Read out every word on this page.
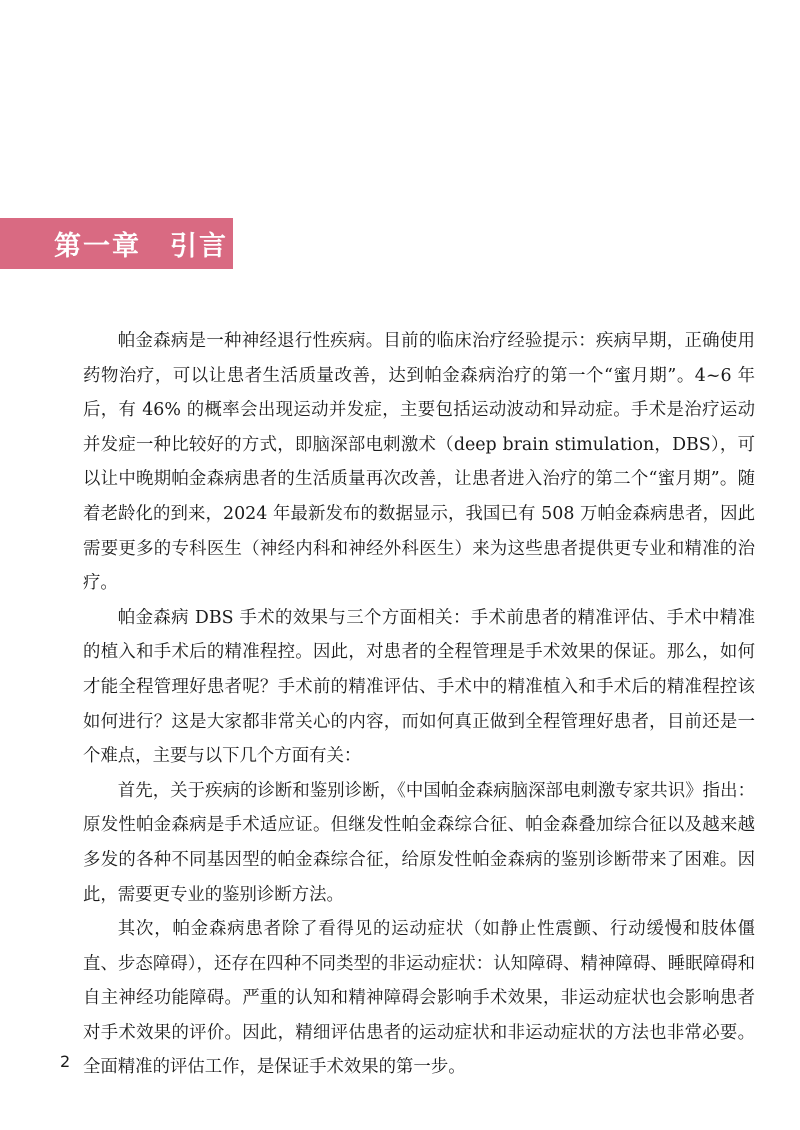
第一章　引言

帕金森病是一种神经退行性疾病。目前的临床治疗经验提示：疾病早期，正确使用药物治疗，可以让患者生活质量改善，达到帕金森病治疗的第一个“蜜月期”。4~6 年后，有 46% 的概率会出现运动并发症，主要包括运动波动和异动症。手术是治疗运动并发症一种比较好的方式，即脑深部电刺激术（deep brain stimulation，DBS），可以让中晚期帕金森病患者的生活质量再次改善，让患者进入治疗的第二个“蜜月期”。随着老龄化的到来，2024 年最新发布的数据显示，我国已有 508 万帕金森病患者，因此需要更多的专科医生（神经内科和神经外科医生）来为这些患者提供更专业和精准的治疗。

帕金森病 DBS 手术的效果与三个方面相关：手术前患者的精准评估、手术中精准的植入和手术后的精准程控。因此，对患者的全程管理是手术效果的保证。那么，如何才能全程管理好患者呢？手术前的精准评估、手术中的精准植入和手术后的精准程控该如何进行？这是大家都非常关心的内容，而如何真正做到全程管理好患者，目前还是一个难点，主要与以下几个方面有关：

首先，关于疾病的诊断和鉴别诊断，《中国帕金森病脑深部电刺激专家共识》指出：原发性帕金森病是手术适应证。但继发性帕金森综合征、帕金森叠加综合征以及越来越多发的各种不同基因型的帕金森综合征，给原发性帕金森病的鉴别诊断带来了困难。因此，需要更专业的鉴别诊断方法。

其次，帕金森病患者除了看得见的运动症状（如静止性震颤、行动缓慢和肢体僵直、步态障碍），还存在四种不同类型的非运动症状：认知障碍、精神障碍、睡眠障碍和自主神经功能障碍。严重的认知和精神障碍会影响手术效果，非运动症状也会影响患者对手术效果的评价。因此，精细评估患者的运动症状和非运动症状的方法也非常必要。全面精准的评估工作，是保证手术效果的第一步。

2
